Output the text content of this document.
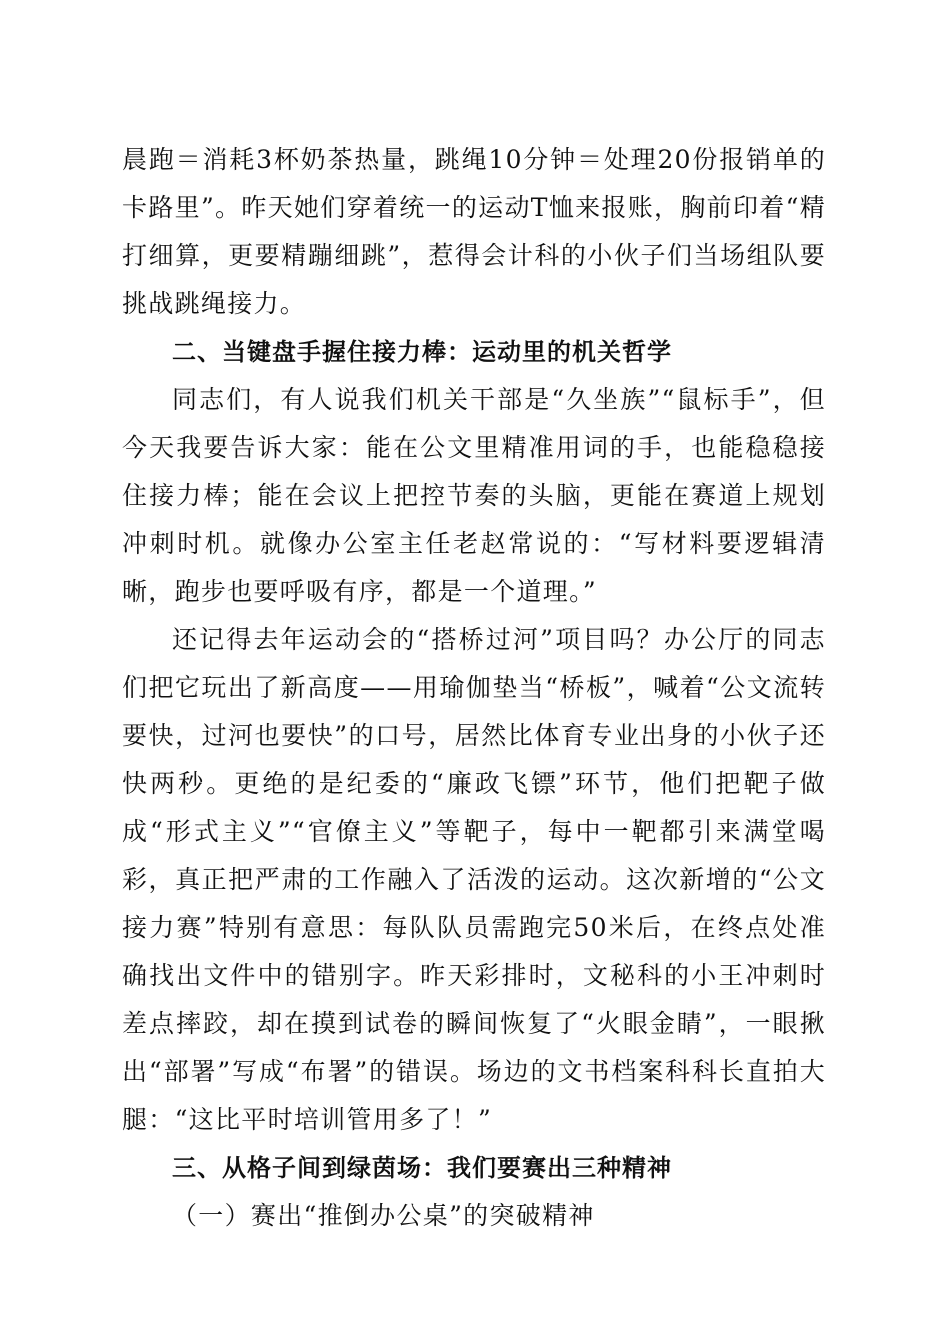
晨跑＝消耗3杯奶茶热量，跳绳10分钟＝处理20份报销单的卡路里”。昨天她们穿着统一的运动T恤来报账，胸前印着“精打细算，更要精蹦细跳”，惹得会计科的小伙子们当场组队要挑战跳绳接力。

二、当键盘手握住接力棒：运动里的机关哲学

同志们，有人说我们机关干部是“久坐族”“鼠标手”，但今天我要告诉大家：能在公文里精准用词的手，也能稳稳接住接力棒；能在会议上把控节奏的头脑，更能在赛道上规划冲刺时机。就像办公室主任老赵常说的：“写材料要逻辑清晰，跑步也要呼吸有序，都是一个道理。”

还记得去年运动会的“搭桥过河”项目吗？办公厅的同志们把它玩出了新高度——用瑜伽垫当“桥板”，喊着“公文流转要快，过河也要快”的口号，居然比体育专业出身的小伙子还快两秒。更绝的是纪委的“廉政飞镖”环节，他们把靶子做成“形式主义”“官僚主义”等靶子，每中一靶都引来满堂喝彩，真正把严肃的工作融入了活泼的运动。这次新增的“公文接力赛”特别有意思：每队队员需跑完50米后，在终点处准确找出文件中的错别字。昨天彩排时，文秘科的小王冲刺时差点摔跤，却在摸到试卷的瞬间恢复了“火眼金睛”，一眼揪出“部署”写成“布署”的错误。场边的文书档案科科长直拍大腿：“这比平时培训管用多了！”

三、从格子间到绿茵场：我们要赛出三种精神

（一）赛出“推倒办公桌”的突破精神
